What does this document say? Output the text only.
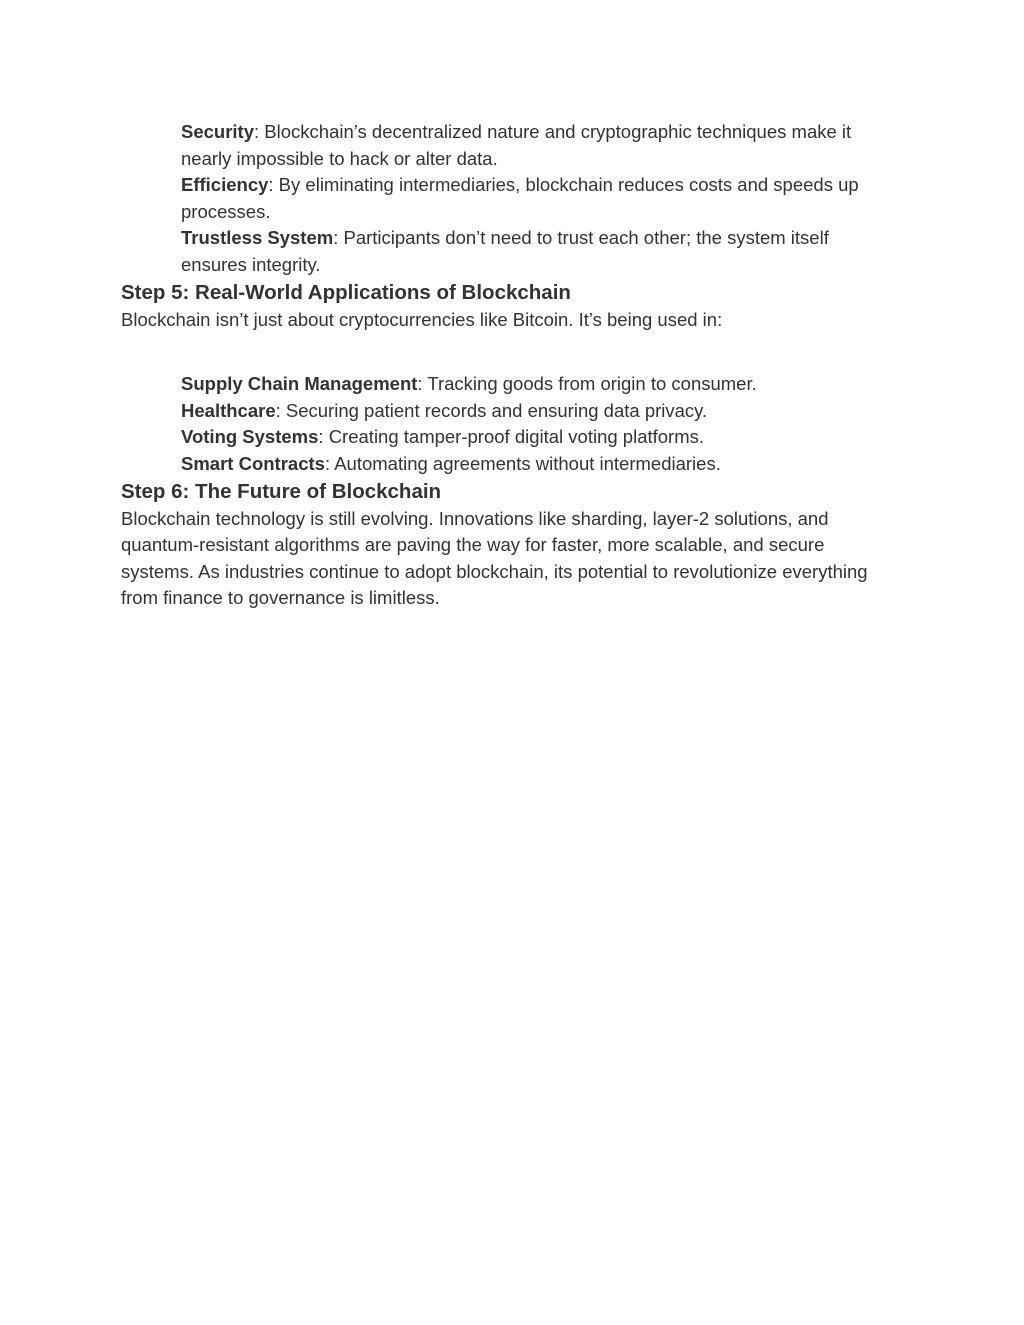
Security: Blockchain’s decentralized nature and cryptographic techniques make it nearly impossible to hack or alter data.
Efficiency: By eliminating intermediaries, blockchain reduces costs and speeds up processes.
Trustless System: Participants don’t need to trust each other; the system itself ensures integrity.
Step 5: Real-World Applications of Blockchain

Blockchain isn’t just about cryptocurrencies like Bitcoin. It’s being used in:

Supply Chain Management: Tracking goods from origin to consumer.
Healthcare: Securing patient records and ensuring data privacy.
Voting Systems: Creating tamper-proof digital voting platforms.
Smart Contracts: Automating agreements without intermediaries.
Step 6: The Future of Blockchain

Blockchain technology is still evolving. Innovations like sharding, layer-2 solutions, and quantum-resistant algorithms are paving the way for faster, more scalable, and secure systems. As industries continue to adopt blockchain, its potential to revolutionize everything from finance to governance is limitless.
